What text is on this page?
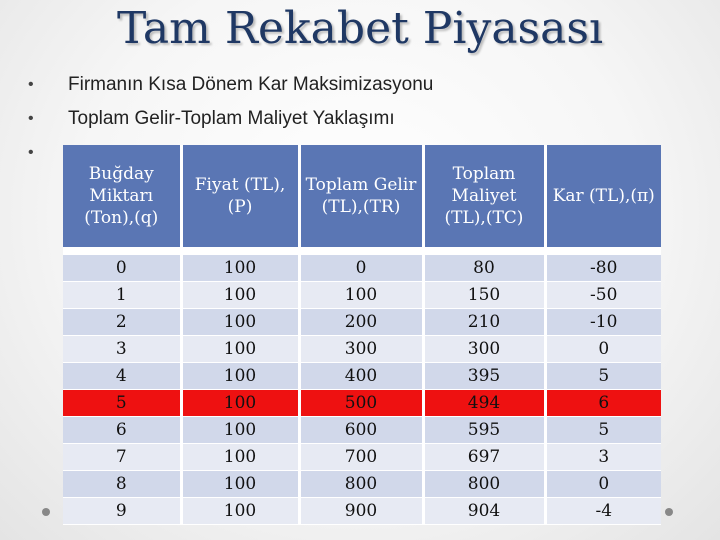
Tam Rekabet Piyasası
• Firmanın Kısa Dönem Kar Maksimizasyonu
• Toplam Gelir-Toplam Maliyet Yaklaşımı
•
Buğday Miktarı (Ton),(q)	Fiyat (TL),(P)	Toplam Gelir (TL),(TR)	Toplam Maliyet (TL),(TC)	Kar (TL),(π)
0	100	0	80	-80
1	100	100	150	-50
2	100	200	210	-10
3	100	300	300	0
4	100	400	395	5
5	100	500	494	6
6	100	600	595	5
7	100	700	697	3
8	100	800	800	0
9	100	900	904	-4
